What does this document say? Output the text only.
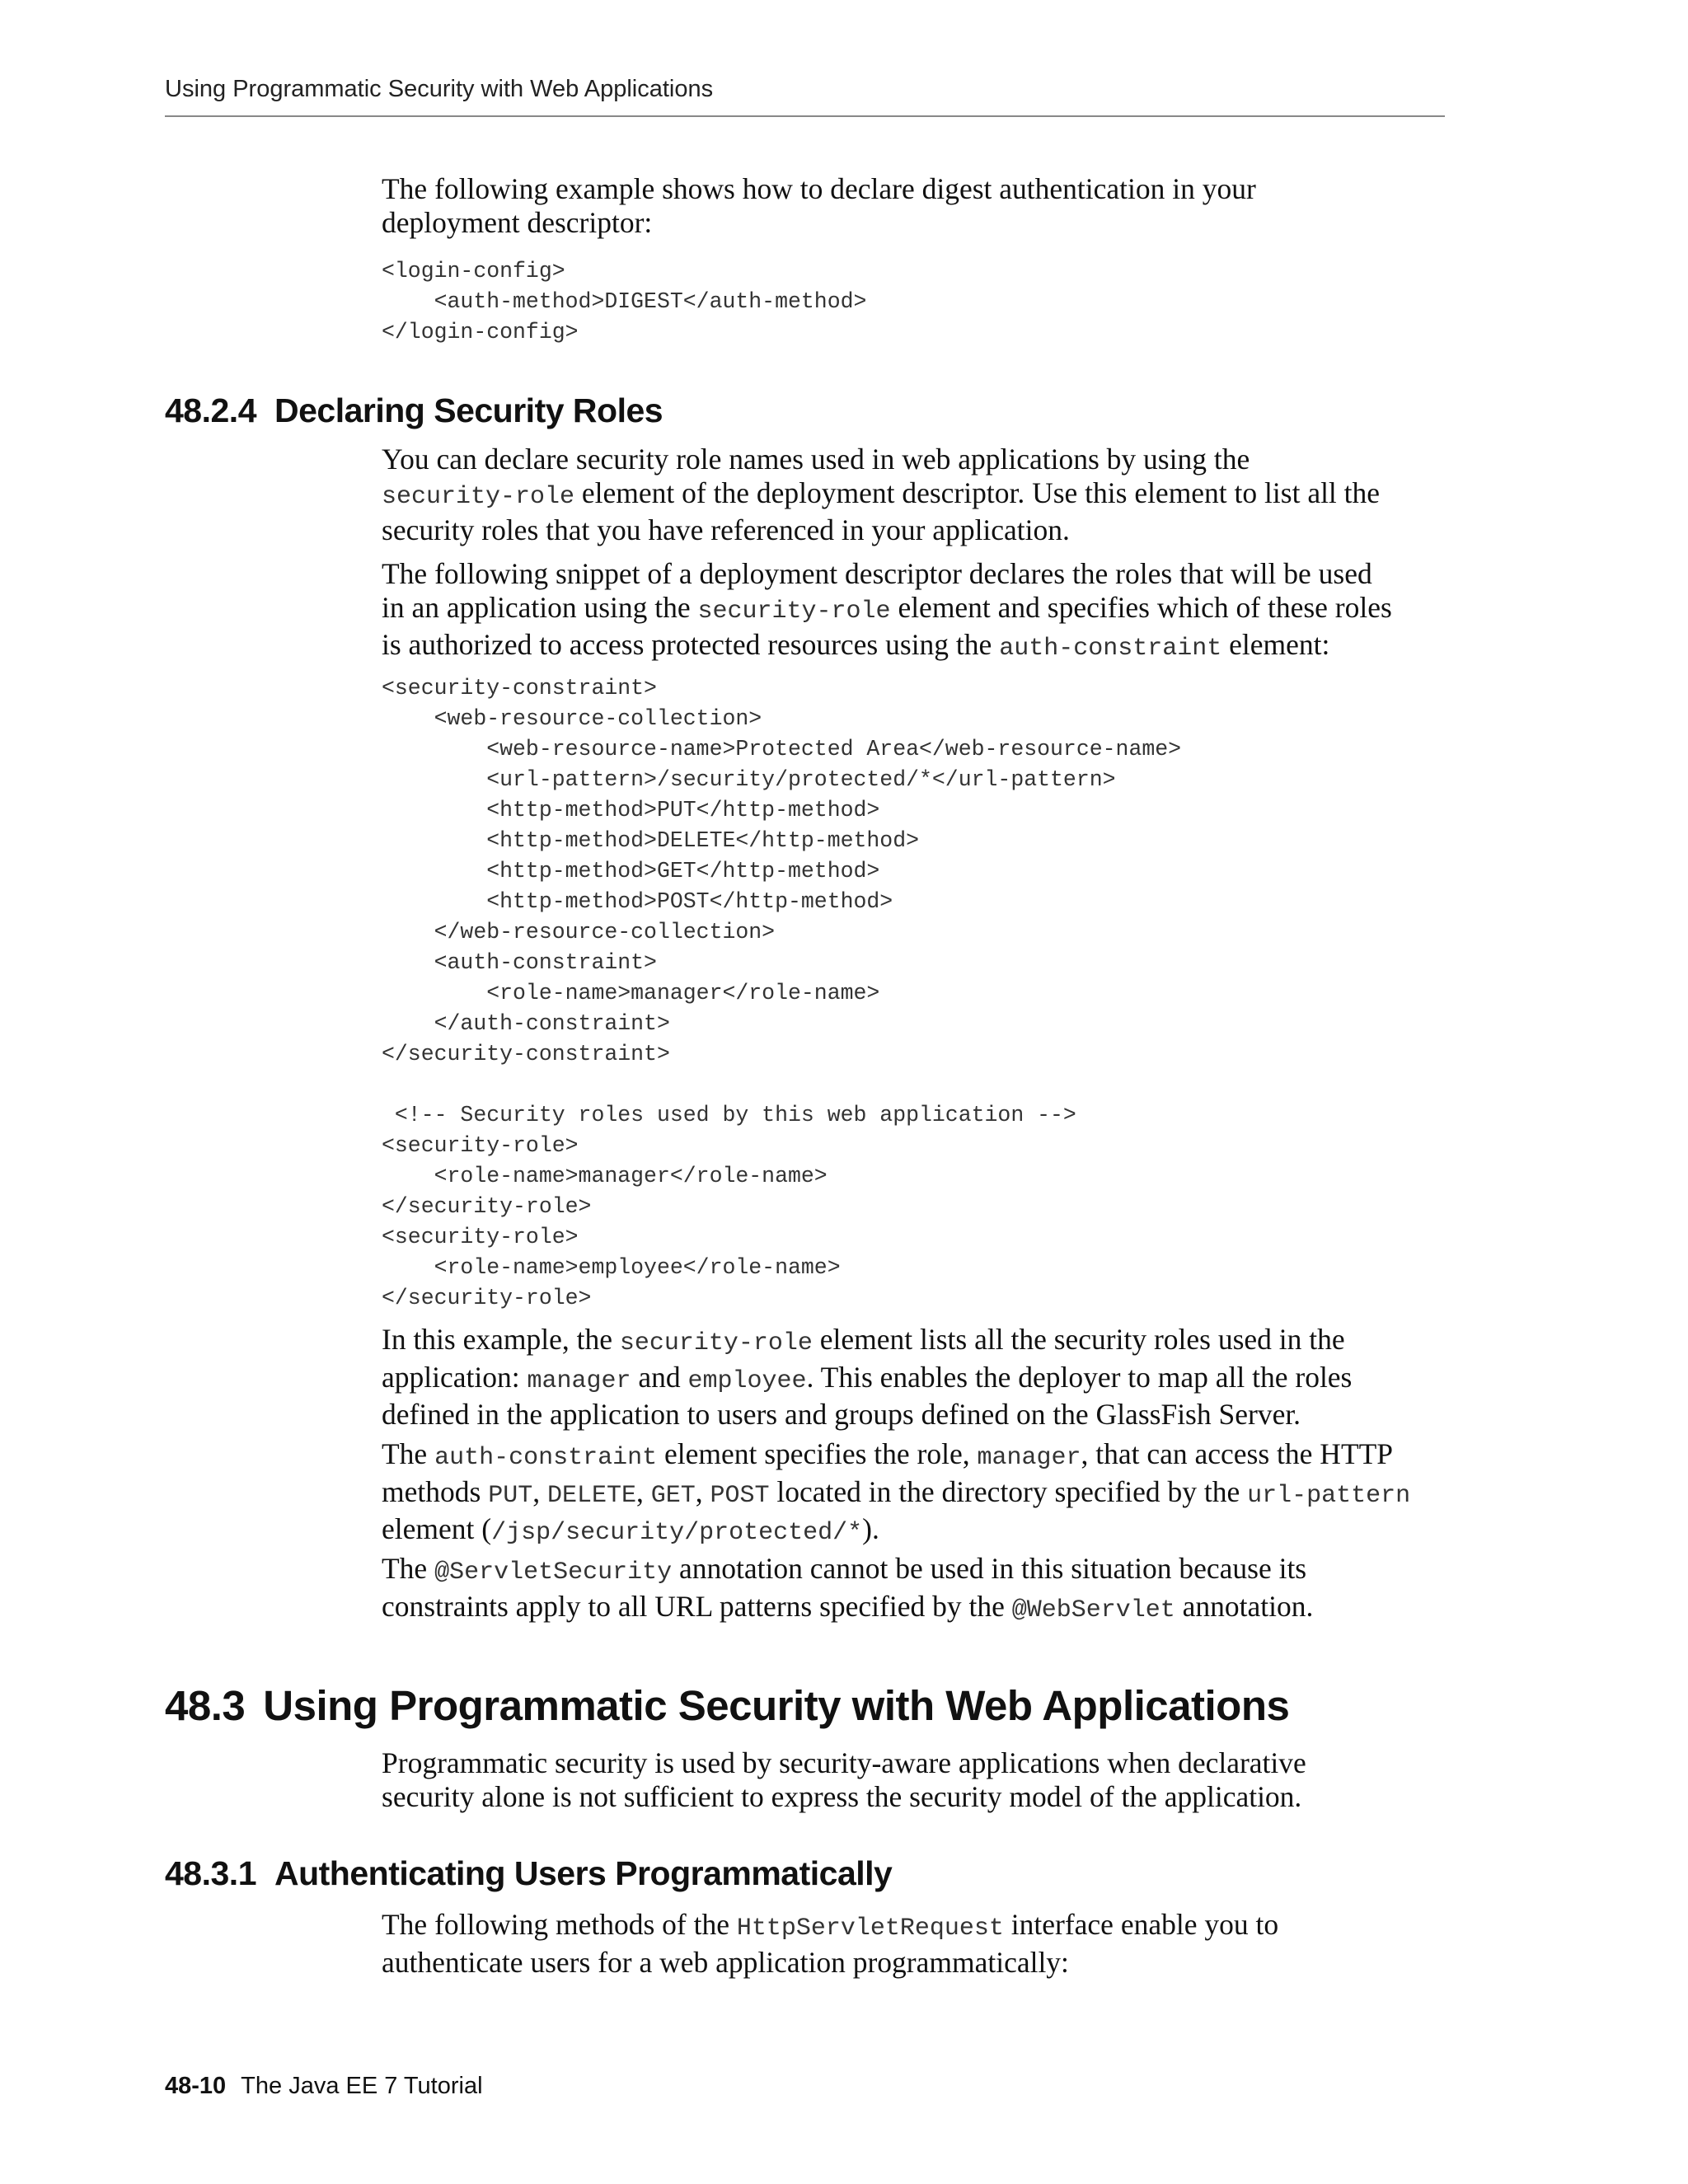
Using Programmatic Security with Web Applications

The following example shows how to declare digest authentication in your
deployment descriptor:

<login-config>
<auth-method>DIGEST</auth-method>
</login-config>
48.2.4 Declaring Security Roles

You can declare security role names used in web applications by using the
security-role element of the deployment descriptor. Use this element to list all the
security roles that you have referenced in your application.

The following snippet of a deployment descriptor declares the roles that will be used
in an application using the security-role element and specifies which of these roles
is authorized to access protected resources using the auth-constraint element:

<security-constraint>
<web-resource-collection>
<web-resource-name>Protected Area</web-resource-name>
<url-pattern>/security/protected/*</url-pattern>
<http-method>PUT</http-method>
<http-method>DELETE</http-method>
<http-method>GET</http-method>
<http-method>POST</http-method>
</web-resource-collection>
<auth-constraint>
<role-name>manager</role-name>
</auth-constraint>
</security-constraint>

<!-- Security roles used by this web application -->
<security-role>
<role-name>manager</role-name>
</security-role>
<security-role>
<role-name>employee</role-name>
</security-role>

In this example, the security-role element lists all the security roles used in the
application: manager and employee. This enables the deployer to map all the roles
defined in the application to users and groups defined on the GlassFish Server.

The auth-constraint element specifies the role, manager, that can access the HTTP
methods PUT, DELETE, GET, POST located in the directory specified by the url-pattern
element (/jsp/security/protected/*).

The @ServletSecurity annotation cannot be used in this situation because its
constraints apply to all URL patterns specified by the @WebServlet annotation.

48.3 Using Programmatic Security with Web Applications

Programmatic security is used by security-aware applications when declarative
security alone is not sufficient to express the security model of the application.

48.3.1 Authenticating Users Programmatically

The following methods of the HttpServletRequest interface enable you to
authenticate users for a web application programmatically:

48-10 The Java EE 7 Tutorial
